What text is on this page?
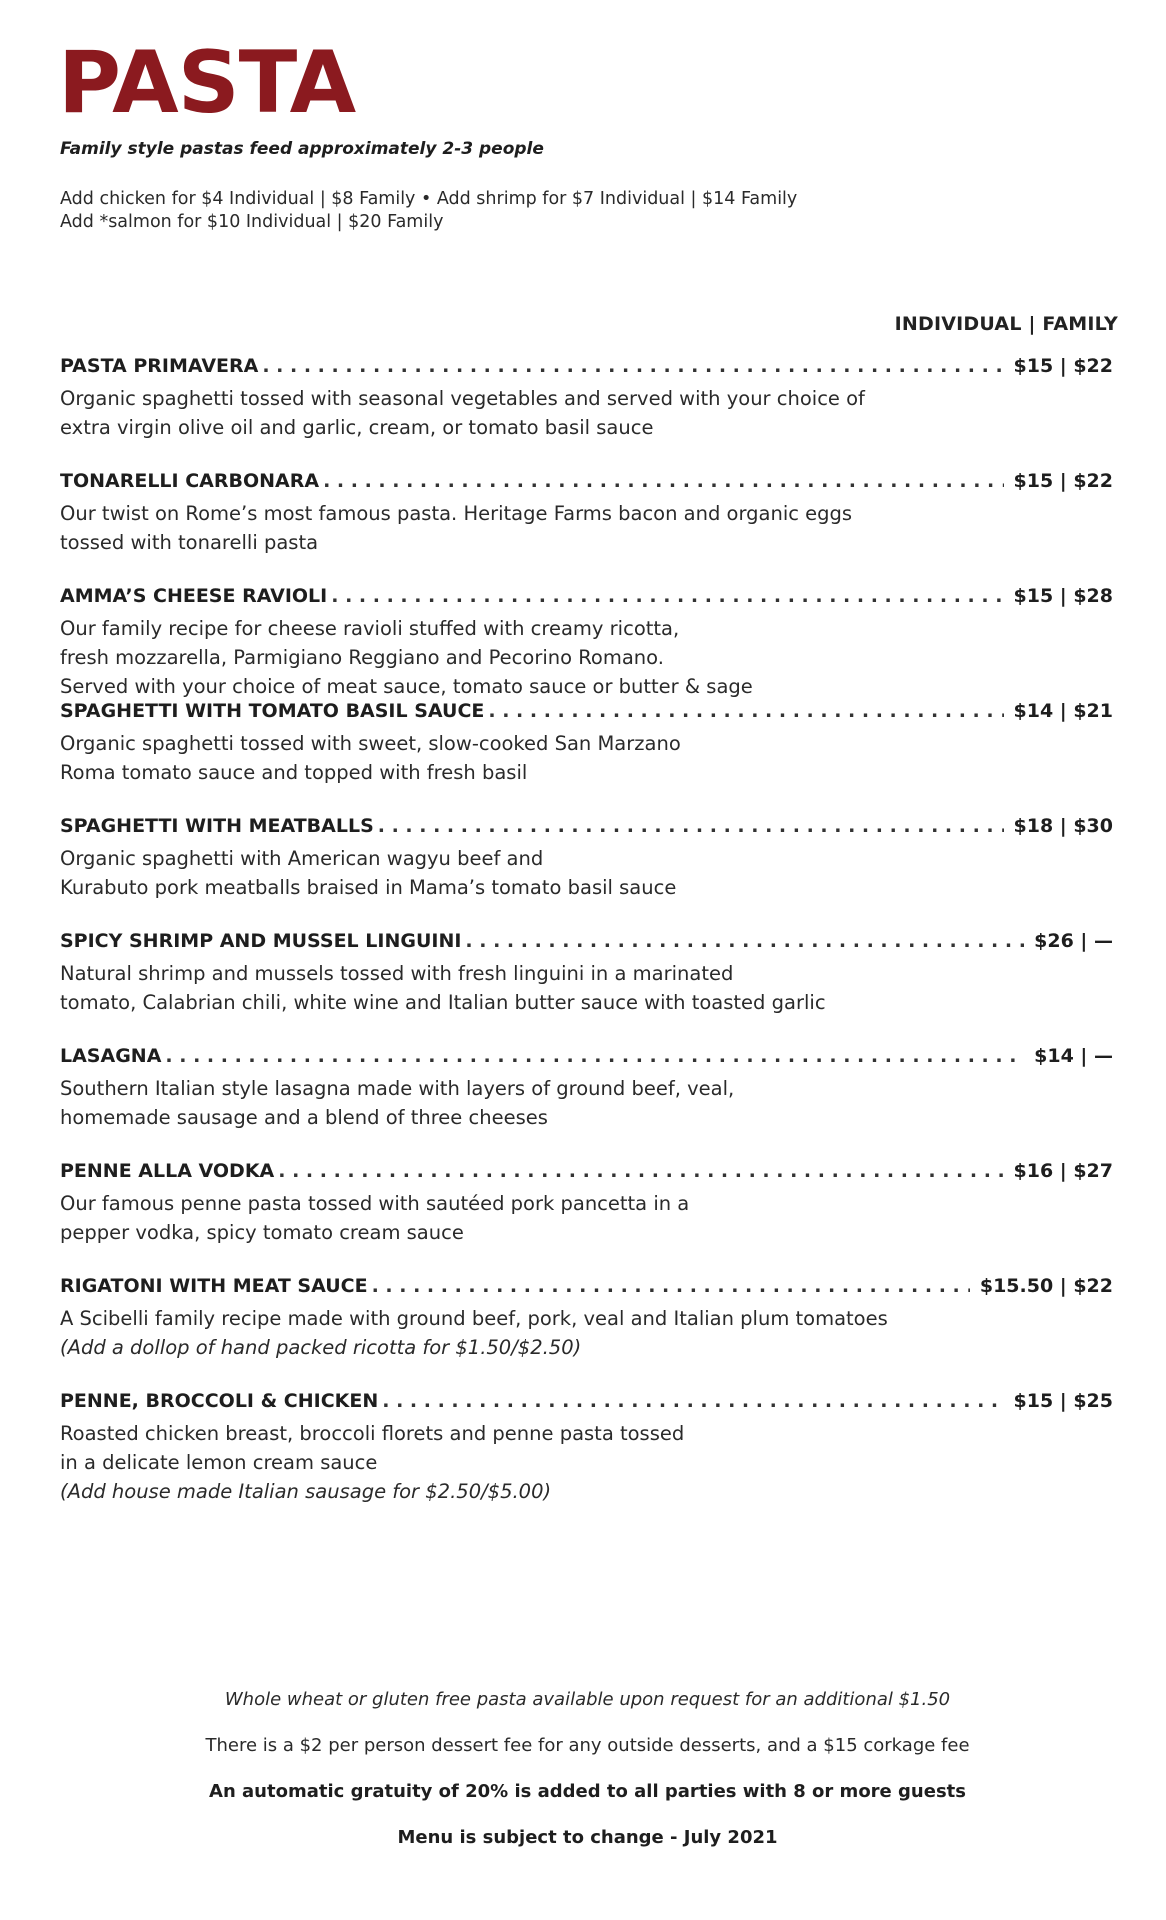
PASTA
Family style pastas feed approximately 2-3 people
Add chicken for $4 Individual | $8 Family • Add shrimp for $7 Individual | $14 Family
Add *salmon for $10 Individual | $20 Family
INDIVIDUAL | FAMILY
PASTA PRIMAVERA . . .	$15 | $22
Organic spaghetti tossed with seasonal vegetables and served with your choice of
extra virgin olive oil and garlic, cream, or tomato basil sauce
TONARELLI CARBONARA . . .	$15 | $22
Our twist on Rome’s most famous pasta. Heritage Farms bacon and organic eggs
tossed with tonarelli pasta
AMMA’S CHEESE RAVIOLI . . .	$15 | $28
Our family recipe for cheese ravioli stuffed with creamy ricotta,
fresh mozzarella, Parmigiano Reggiano and Pecorino Romano.
Served with your choice of meat sauce, tomato sauce or butter & sage
SPAGHETTI WITH TOMATO BASIL SAUCE . . .	$14 | $21
Organic spaghetti tossed with sweet, slow-cooked San Marzano
Roma tomato sauce and topped with fresh basil
SPAGHETTI WITH MEATBALLS . . .	$18 | $30
Organic spaghetti with American wagyu beef and
Kurabuto pork meatballs braised in Mama’s tomato basil sauce
SPICY SHRIMP AND MUSSEL LINGUINI . . .	$26 | —
Natural shrimp and mussels tossed with fresh linguini in a marinated
tomato, Calabrian chili, white wine and Italian butter sauce with toasted garlic
LASAGNA . . .	$14 | —
Southern Italian style lasagna made with layers of ground beef, veal,
homemade sausage and a blend of three cheeses
PENNE ALLA VODKA . . .	$16 | $27
Our famous penne pasta tossed with sautéed pork pancetta in a
pepper vodka, spicy tomato cream sauce
RIGATONI WITH MEAT SAUCE . . .	$15.50 | $22
A Scibelli family recipe made with ground beef, pork, veal and Italian plum tomatoes
(Add a dollop of hand packed ricotta for $1.50/$2.50)
PENNE, BROCCOLI & CHICKEN . . .	$15 | $25
Roasted chicken breast, broccoli florets and penne pasta tossed
in a delicate lemon cream sauce
(Add house made Italian sausage for $2.50/$5.00)
Whole wheat or gluten free pasta available upon request for an additional $1.50
There is a $2 per person dessert fee for any outside desserts, and a $15 corkage fee
An automatic gratuity of 20% is added to all parties with 8 or more guests
Menu is subject to change - July 2021
